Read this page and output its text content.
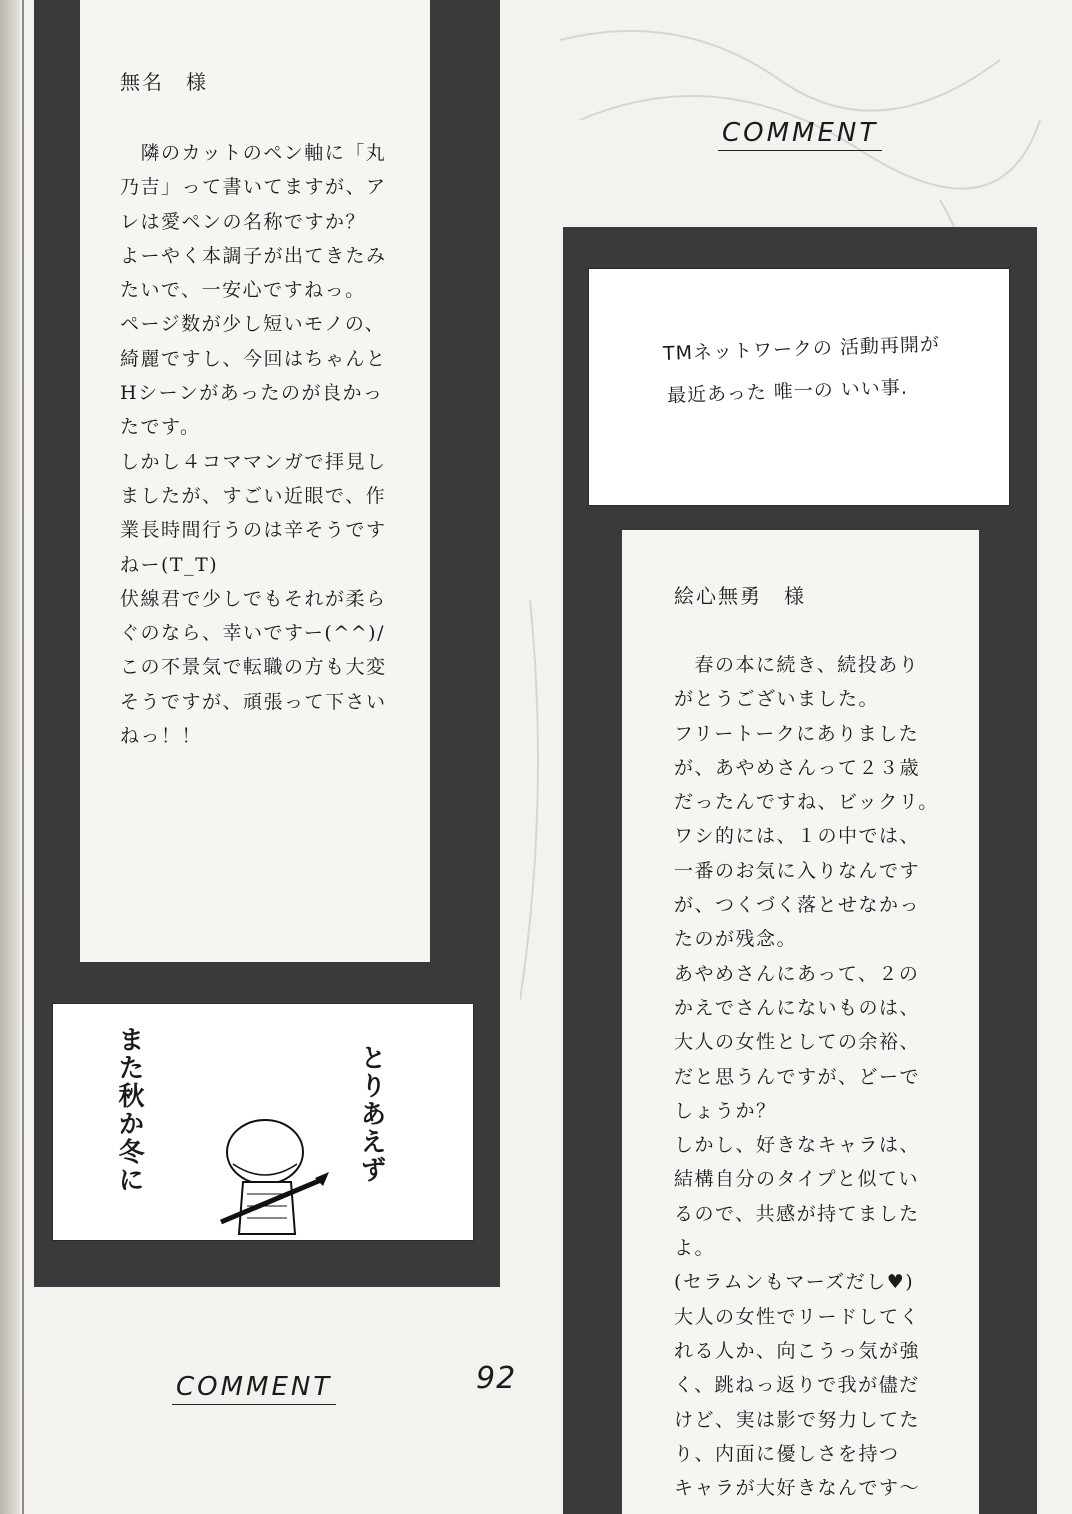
無名　様
　隣のカットのペン軸に「丸
乃吉」って書いてますが、ア
レは愛ペンの名称ですか？
よーやく本調子が出てきたみ
たいで、一安心ですねっ。
ページ数が少し短いモノの、
綺麗ですし、今回はちゃんと
Hシーンがあったのが良かっ
たです。
しかし４コママンガで拝見し
ましたが、すごい近眼で、作
業長時間行うのは辛そうです
ねー(T_T)
伏線君で少しでもそれが柔ら
ぐのなら、幸いですー(^^)/
この不景気で転職の方も大変
そうですが、頑張って下さい
ねっ！！
とりあえず
また秋か冬に
COMMENT	92
COMMENT
TMネットワークの 活動再開が
最近あった 唯一の いい事.
絵心無勇　様
　春の本に続き、続投あり
がとうございました。
フリートークにありました
が、あやめさんって２３歳
だったんですね、ビックリ。
ワシ的には、１の中では、
一番のお気に入りなんです
が、つくづく落とせなかっ
たのが残念。
あやめさんにあって、２の
かえでさんにないものは、
大人の女性としての余裕、
だと思うんですが、どーで
しょうか？
しかし、好きなキャラは、
結構自分のタイプと似てい
るので、共感が持てました
よ。
(セラムンもマーズだし♥)
大人の女性でリードしてく
れる人か、向こうっ気が強
く、跳ねっ返りで我が儘だ
けど、実は影で努力してた
り、内面に優しさを持つ
キャラが大好きなんです〜
